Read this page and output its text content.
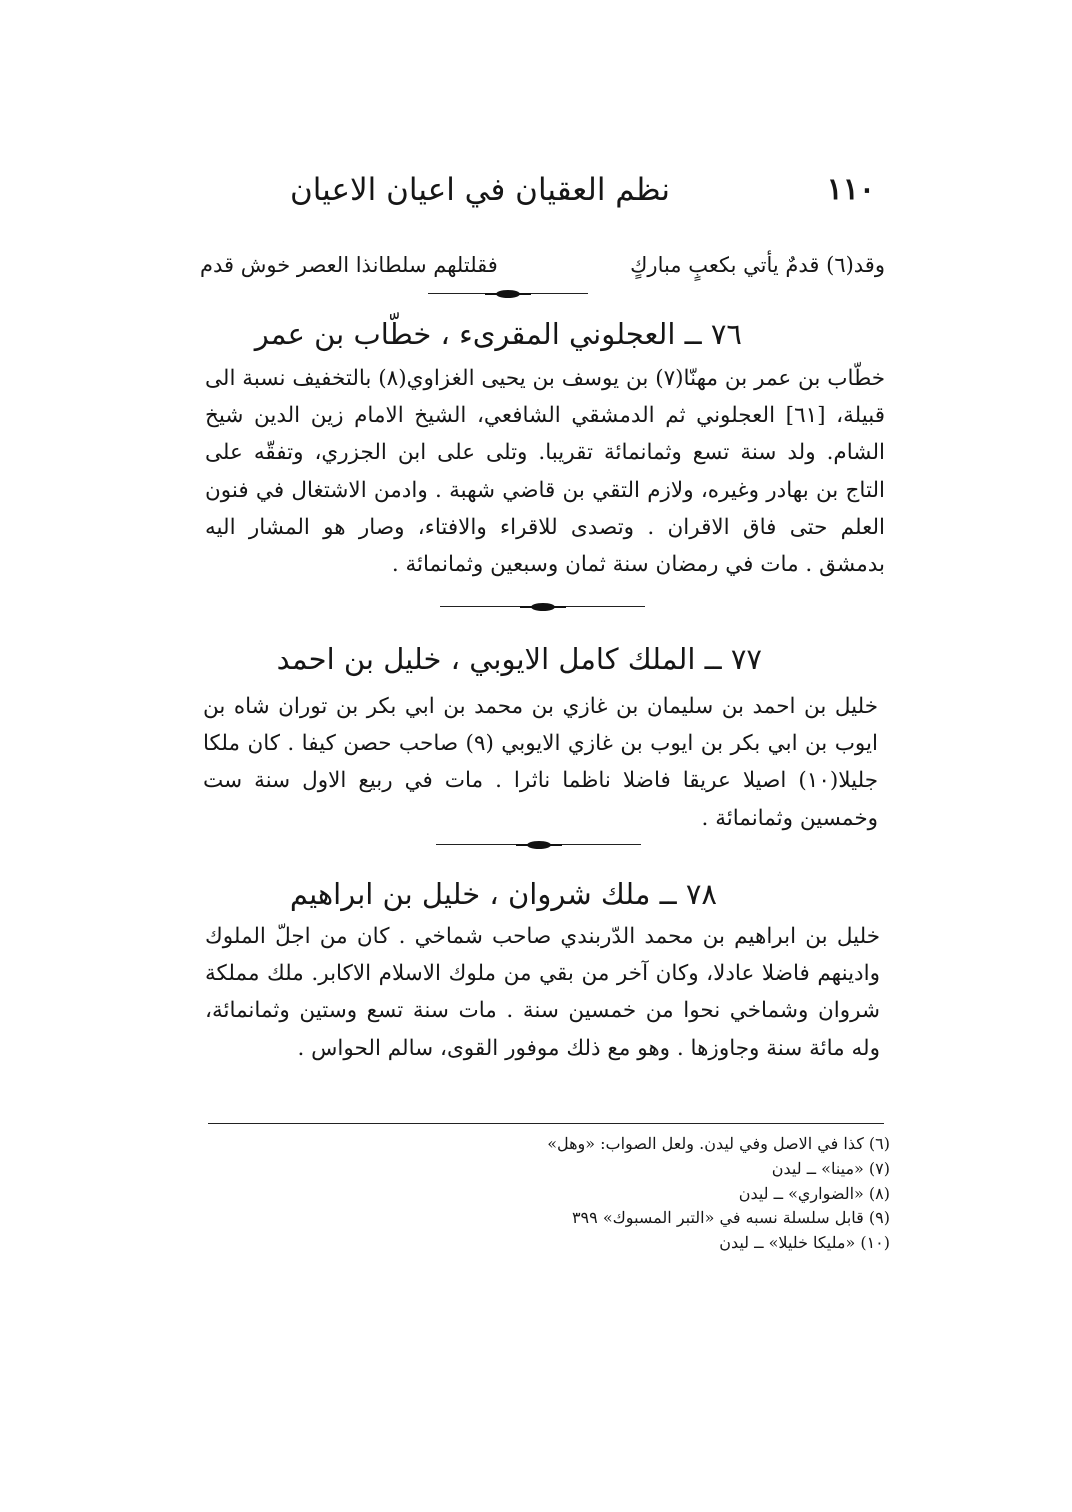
نظم العقيان في اعيان الاعيان	١١٠
وقد(٦) قدمٌ يأتي بكعبٍ مباركٍ
فقلتلهم سلطانذا العصر خوش قدم
٧٦ ــ العجلوني المقرىء ، خطّاب بن عمر

خطّاب بن عمر بن مهنّا(٧) بن يوسف بن يحيى الغزاوي(٨) بالتخفيف نسبة الى قبيلة، [٦١] العجلوني ثم الدمشقي الشافعي، الشيخ الامام زين الدين شيخ الشام. ولد سنة تسع وثمانمائة تقريبا. وتلى على ابن الجزري، وتفقّه على التاج بن بهادر وغيره، ولازم التقي بن قاضي شهبة . وادمن الاشتغال في فنون العلم حتى فاق الاقران . وتصدى للاقراء والافتاء، وصار هو المشار اليه بدمشق . مات في رمضان سنة ثمان وسبعين وثمانمائة .

٧٧ ــ الملك كامل الايوبي ، خليل بن احمد

خليل بن احمد بن سليمان بن غازي بن محمد بن ابي بكر بن توران شاه بن ايوب بن ابي بكر بن ايوب بن غازي الايوبي (٩) صاحب حصن كيفا . كان ملكا جليلا(١٠) اصيلا عريقا فاضلا ناظما ناثرا . مات في ربيع الاول سنة ست وخمسين وثمانمائة .

٧٨ ــ ملك شروان ، خليل بن ابراهيم

خليل بن ابراهيم بن محمد الدّربندي صاحب شماخي . كان من اجلّ الملوك وادينهم فاضلا عادلا، وكان آخر من بقي من ملوك الاسلام الاكابر. ملك مملكة شروان وشماخي نحوا من خمسين سنة . مات سنة تسع وستين وثمانمائة، وله مائة سنة وجاوزها . وهو مع ذلك موفور القوى، سالم الحواس .

(٦) كذا في الاصل وفي ليدن. ولعل الصواب: «وهل»
(٧) «مينا» ــ ليدن
(٨) «الضواري» ــ ليدن
(٩) قابل سلسلة نسبه في «التبر المسبوك» ٣٩٩
(١٠) «مليكا خليلا» ــ ليدن
